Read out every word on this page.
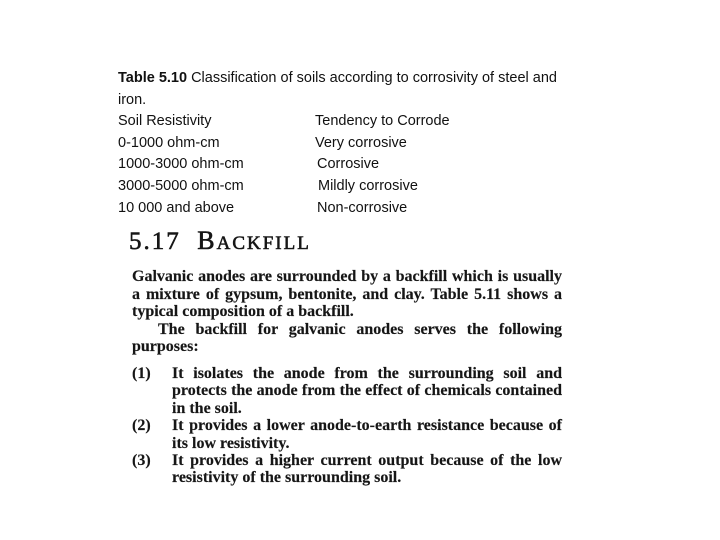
Table 5.10 Classification of soils according to corrosivity of steel and iron.

Soil Resistivity	Tendency to Corrode
0-1000 ohm-cm	Very corrosive
1000-3000 ohm-cm	Corrosive
3000-5000 ohm-cm	Mildly corrosive
10 000 and above	Non-corrosive
5.17 BACKFILL

Galvanic anodes are surrounded by a backfill which is usually a mixture of gypsum, bentonite, and clay. Table 5.11 shows a typical composition of a backfill.

The backfill for galvanic anodes serves the following purposes:

(1)	It isolates the anode from the surrounding soil and protects the anode from the effect of chemicals contained in the soil.
(2)	It provides a lower anode-to-earth resistance because of its low resistivity.
(3)	It provides a higher current output because of the low resistivity of the surrounding soil.
